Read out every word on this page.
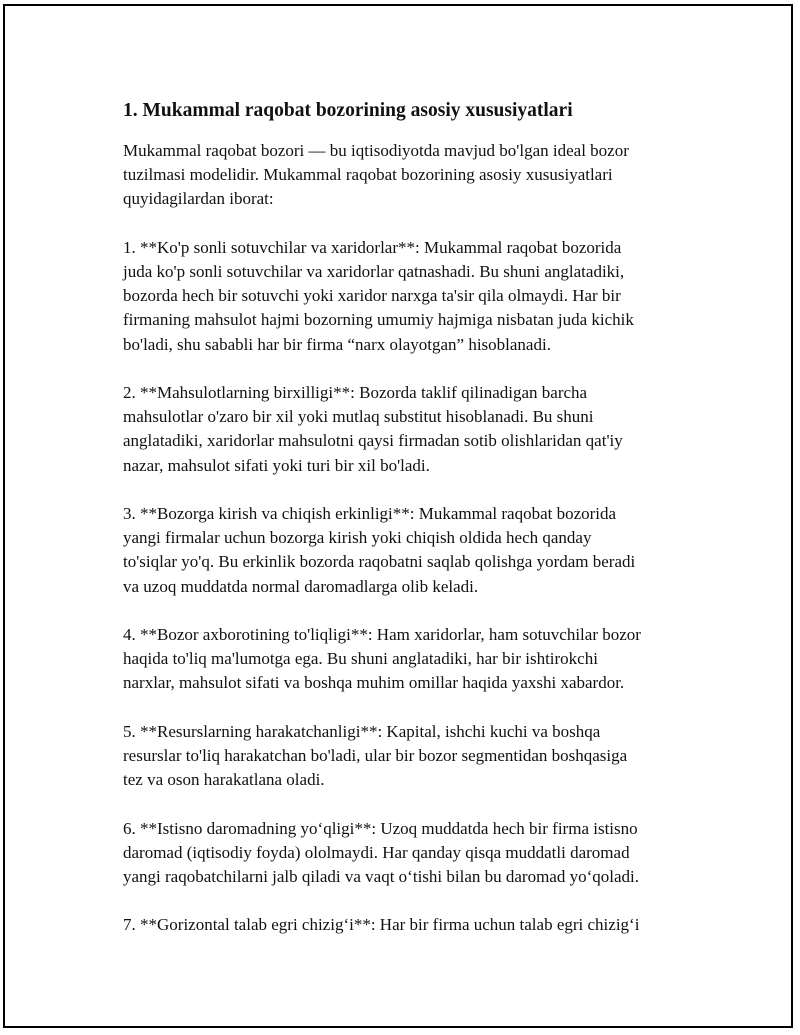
1. Mukammal raqobat bozorining asosiy xususiyatlari
Mukammal raqobat bozori — bu iqtisodiyotda mavjud bo'lgan ideal bozor
tuzilmasi modelidir. Mukammal raqobat bozorining asosiy xususiyatlari
quyidagilardan iborat:
1. **Ko'p sonli sotuvchilar va xaridorlar**: Mukammal raqobat bozorida
juda ko'p sonli sotuvchilar va xaridorlar qatnashadi. Bu shuni anglatadiki,
bozorda hech bir sotuvchi yoki xaridor narxga ta'sir qila olmaydi. Har bir
firmaning mahsulot hajmi bozorning umumiy hajmiga nisbatan juda kichik
bo'ladi, shu sababli har bir firma “narx olayotgan” hisoblanadi.
2. **Mahsulotlarning birxilligi**: Bozorda taklif qilinadigan barcha
mahsulotlar o'zaro bir xil yoki mutlaq substitut hisoblanadi. Bu shuni
anglatadiki, xaridorlar mahsulotni qaysi firmadan sotib olishlaridan qat'iy
nazar, mahsulot sifati yoki turi bir xil bo'ladi.
3. **Bozorga kirish va chiqish erkinligi**: Mukammal raqobat bozorida
yangi firmalar uchun bozorga kirish yoki chiqish oldida hech qanday
to'siqlar yo'q. Bu erkinlik bozorda raqobatni saqlab qolishga yordam beradi
va uzoq muddatda normal daromadlarga olib keladi.
4. **Bozor axborotining to'liqligi**: Ham xaridorlar, ham sotuvchilar bozor
haqida to'liq ma'lumotga ega. Bu shuni anglatadiki, har bir ishtirokchi
narxlar, mahsulot sifati va boshqa muhim omillar haqida yaxshi xabardor.
5. **Resurslarning harakatchanligi**: Kapital, ishchi kuchi va boshqa
resurslar to'liq harakatchan bo'ladi, ular bir bozor segmentidan boshqasiga
tez va oson harakatlana oladi.
6. **Istisno daromadning yo‘qligi**: Uzoq muddatda hech bir firma istisno
daromad (iqtisodiy foyda) ololmaydi. Har qanday qisqa muddatli daromad
yangi raqobatchilarni jalb qiladi va vaqt o‘tishi bilan bu daromad yo‘qoladi.
7. **Gorizontal talab egri chizig‘i**: Har bir firma uchun talab egri chizig‘i
